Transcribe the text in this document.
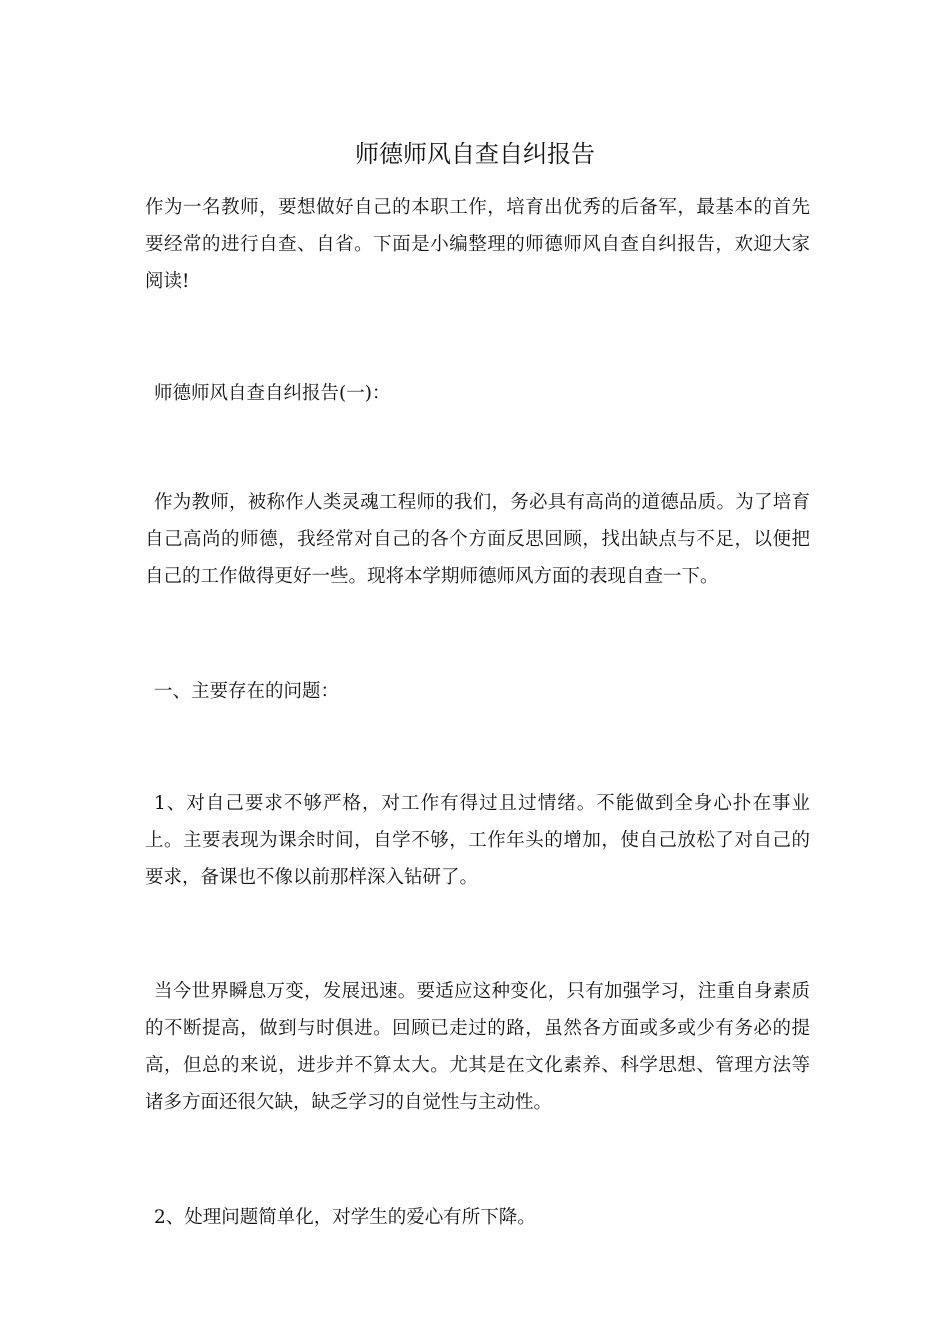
师德师风自查自纠报告

作为一名教师，要想做好自己的本职工作，培育出优秀的后备军，最基本的首先要经常的进行自查、自省。下面是小编整理的师德师风自查自纠报告，欢迎大家阅读!

师德师风自查自纠报告(一)：

作为教师，被称作人类灵魂工程师的我们，务必具有高尚的道德品质。为了培育自己高尚的师德，我经常对自己的各个方面反思回顾，找出缺点与不足，以便把自己的工作做得更好一些。现将本学期师德师风方面的表现自查一下。

一、主要存在的问题：

1、对自己要求不够严格，对工作有得过且过情绪。不能做到全身心扑在事业上。主要表现为课余时间，自学不够，工作年头的增加，使自己放松了对自己的要求，备课也不像以前那样深入钻研了。

当今世界瞬息万变，发展迅速。要适应这种变化，只有加强学习，注重自身素质的不断提高，做到与时俱进。回顾已走过的路，虽然各方面或多或少有务必的提高，但总的来说，进步并不算太大。尤其是在文化素养、科学思想、管理方法等诸多方面还很欠缺，缺乏学习的自觉性与主动性。

2、处理问题简单化，对学生的爱心有所下降。
